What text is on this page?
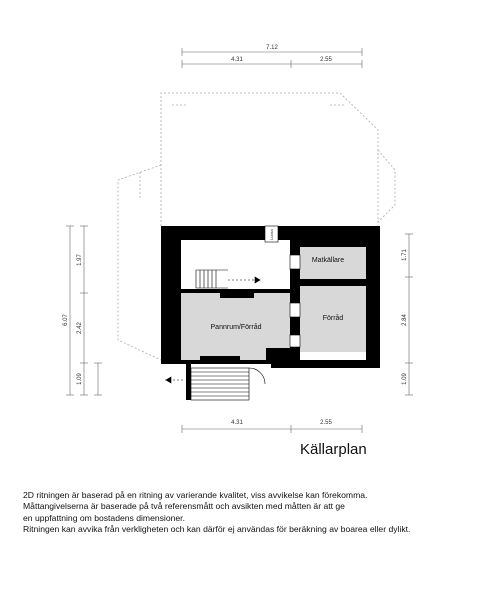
7.12
4.31	2.55
4.31	2.55
6.07
1.97
2.42
1.09
1.71
2.84
1.09
Lucka
Matkällare
Förråd
Pannrum/Förråd
Källarplan
2D ritningen är baserad på en ritning av varierande kvalitet, viss avvikelse kan förekomma.
Måttangivelserna är baserade på två referensmått och avsikten med måtten är att ge
en uppfattning om bostadens dimensioner.
Ritningen kan avvika från verkligheten och kan därför ej användas för beräkning av boarea eller dylikt.
